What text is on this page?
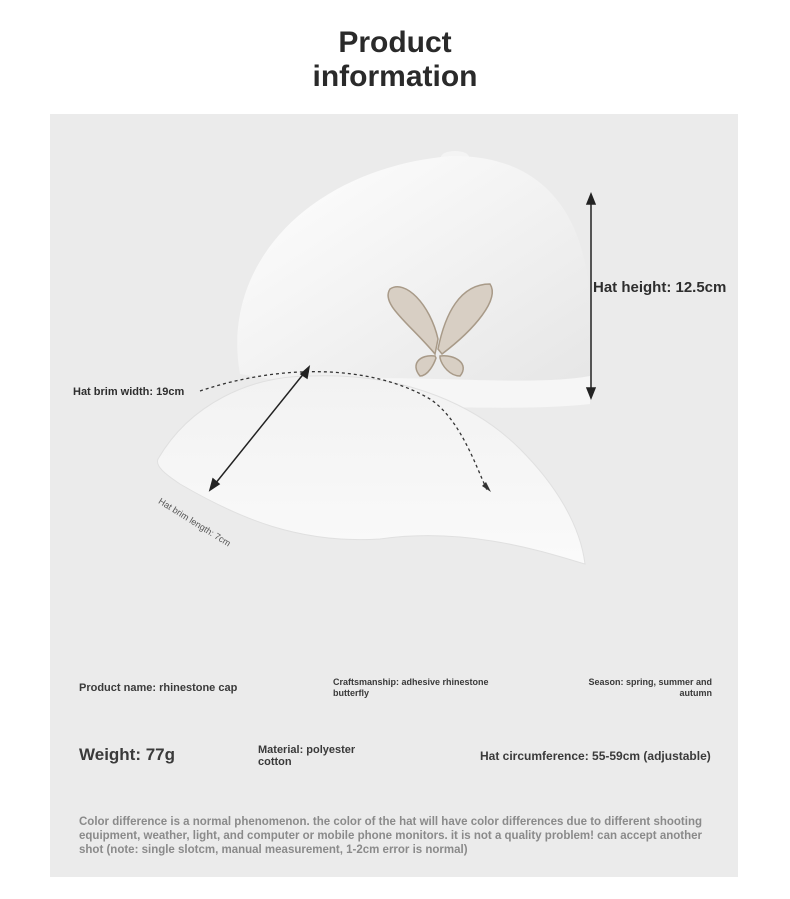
Product
information
Hat height: 12.5cm
Hat brim width: 19cm
Hat brim length: 7cm
Product name: rhinestone cap	Craftsmanship: adhesive rhinestone butterfly
Season: spring, summer and autumn
Weight: 77g	Material: polyester cotton	Hat circumference: 55-59cm (adjustable)
Color difference is a normal phenomenon. the color of the hat will have color differences due to different shooting equipment, weather, light, and computer or mobile phone monitors. it is not a quality problem! can accept another shot (note: single slotcm, manual measurement, 1-2cm error is normal)
